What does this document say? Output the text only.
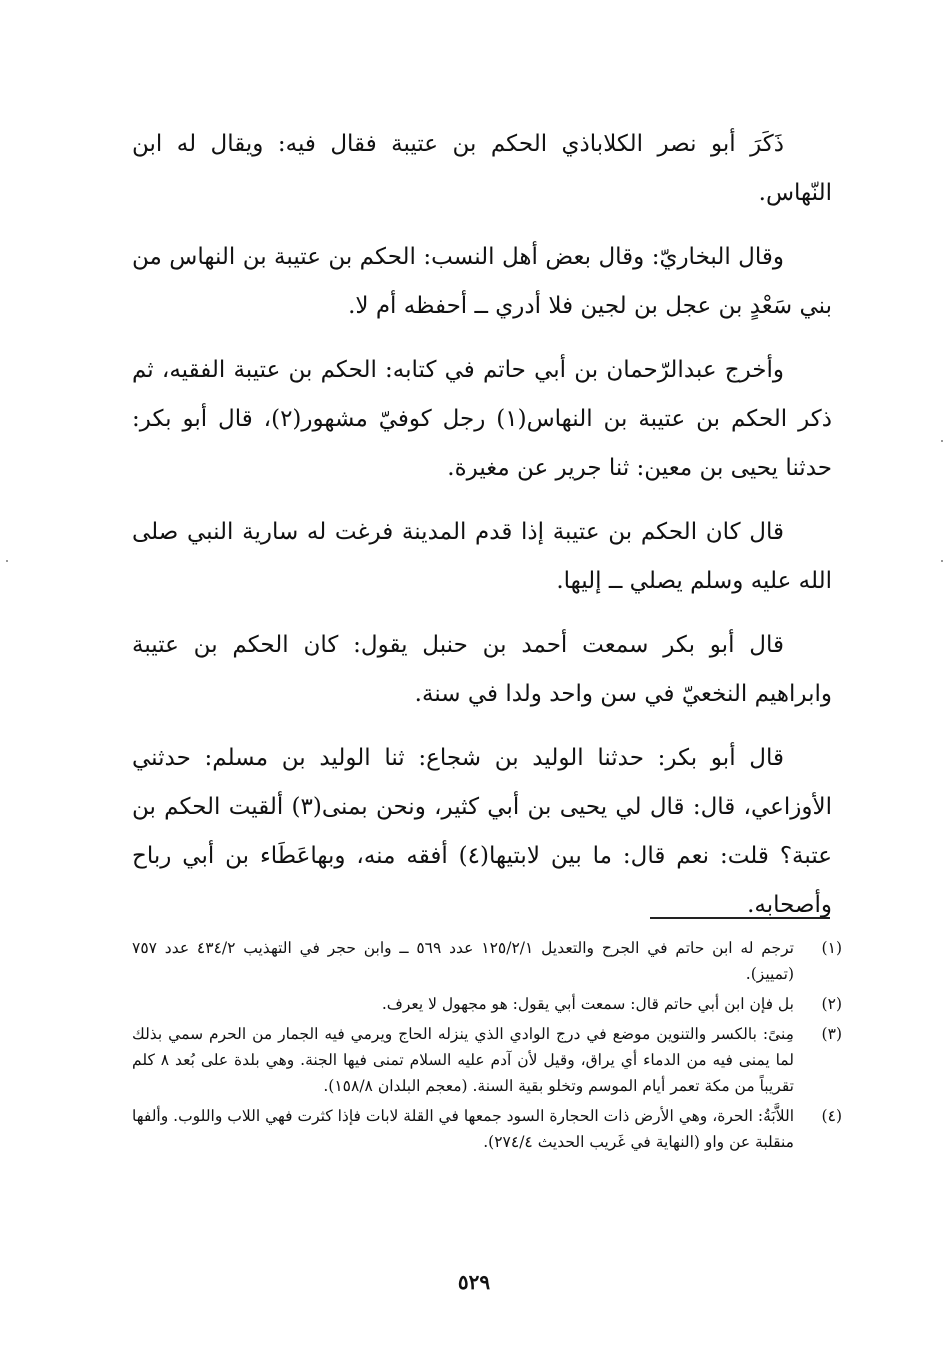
ذَكَرَ أبو نصر الكلاباذي الحكم بن عتيبة فقال فيه: ويقال له ابن النّهاس.

وقال البخاريّ: وقال بعض أهل النسب: الحكم بن عتيبة بن النهاس من بني سَعْدٍ بن عجل بن لجين فلا أدري ــ أحفظه أم لا.

وأخرج عبدالرّحمان بن أبي حاتم في كتابه: الحكم بن عتيبة الفقيه، ثم ذكر الحكم بن عتيبة بن النهاس(١) رجل كوفيّ مشهور(٢)، قال أبو بكر: حدثنا يحيى بن معين: ثنا جرير عن مغيرة.

قال كان الحكم بن عتيبة إذا قدم المدينة فرغت له سارية النبي صلى الله عليه وسلم يصلي ــ إليها.

قال أبو بكر سمعت أحمد بن حنبل يقول: كان الحكم بن عتيبة وابراهيم النخعيّ في سن واحد ولدا في سنة.

قال أبو بكر: حدثنا الوليد بن شجاع: ثنا الوليد بن مسلم: حدثني الأوزاعي، قال: قال لي يحيى بن أبي كثير، ونحن بمنى(٣) ألقيت الحكم بن عتبة؟ قلت: نعم قال: ما بين لابتيها(٤) أفقه منه، وبهاعَطَاء بن أبي رباح وأصحابه.

(١)
ترجم له ابن حاتم في الجرح والتعديل ١٢٥/٢/١ عدد ٥٦٩ ــ وابن حجر في التهذيب ٤٣٤/٢ عدد ٧٥٧ (تمييز).
(٢)
بل فإن ابن أبي حاتم قال: سمعت أبي يقول: هو مجهول لا يعرف.
(٣)
مِنىً: بالكسر والتنوين موضع في درج الوادي الذي ينزله الحاج ويرمي فيه الجمار من الحرم سمي بذلك لما يمنى فيه من الدماء أي يراق، وقيل لأن آدم عليه السلام تمنى فيها الجنة. وهي بلدة على بُعد ٨ كلم تقريباً من مكة تعمر أيام الموسم وتخلو بقية السنة. (معجم البلدان ١٥٨/٨).
(٤)
اللاَّبَةُ: الحرة، وهي الأرض ذات الحجارة السود جمعها في القلة لابات فإذا كثرت فهي اللاب واللوب. وألفها منقلبة عن واو (النهاية في غَريب الحديث ٢٧٤/٤).
٥٢٩
